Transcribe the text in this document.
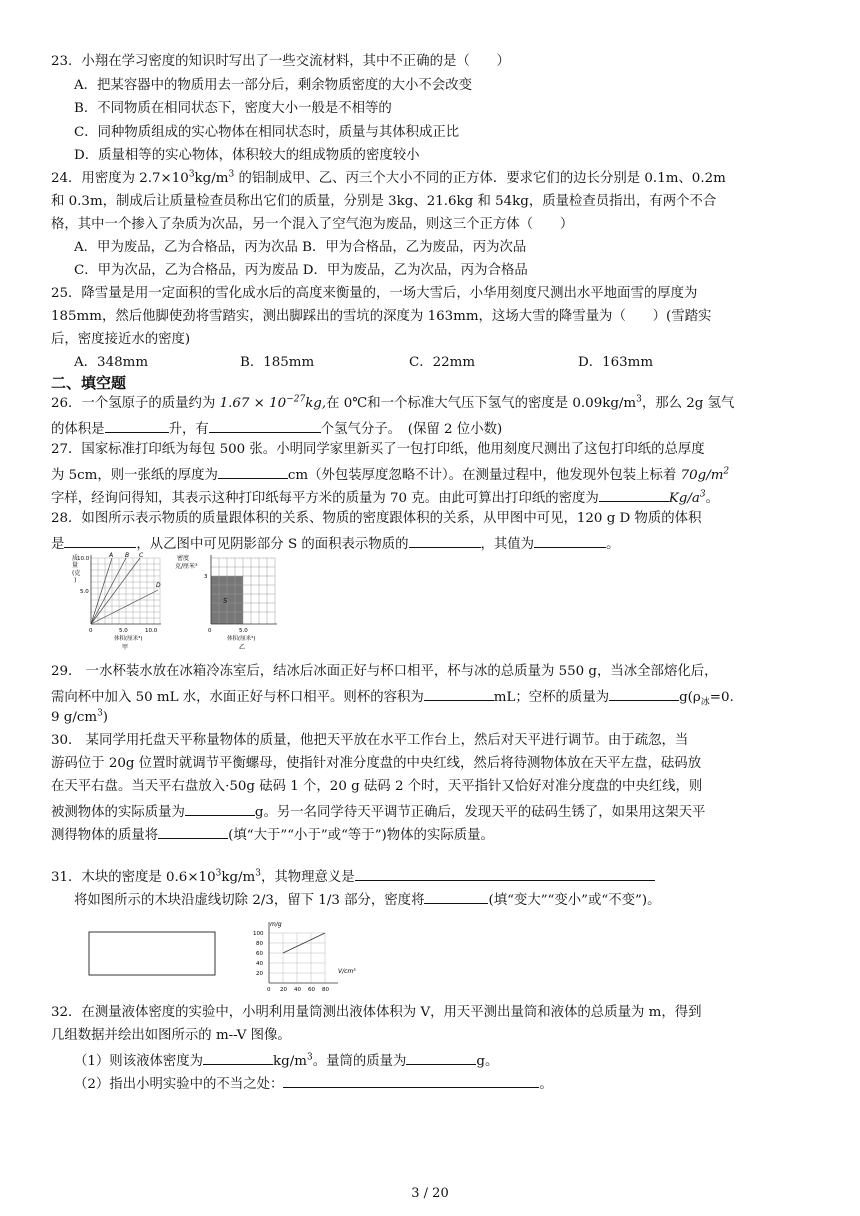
23．小翔在学习密度的知识时写出了一些交流材料，其中不正确的是（　　）
A．把某容器中的物质用去一部分后，剩余物质密度的大小不会改变
B．不同物质在相同状态下，密度大小一般是不相等的
C．同种物质组成的实心物体在相同状态时，质量与其体积成正比
D．质量相等的实心物体，体积较大的组成物质的密度较小
24．用密度为 $2.7\times 10^3kg/m^3$ 的铝制成甲、乙、丙三个大小不同的正方体．要求它们的边长分别是 0.1m、0.2m
和 0.3m，制成后让质量检查员称出它们的质量，分别是 3kg、21.6kg 和 54kg，质量检查员指出，有两个不合
格，其中一个掺入了杂质为次品，另一个混入了空气泡为废品，则这三个正方体（　　）
A．甲为废品，乙为合格品，丙为次品 B．甲为合格品，乙为废品，丙为次品
C．甲为次品，乙为合格品，丙为废品 D．甲为废品，乙为次品，丙为合格品
25．降雪量是用一定面积的雪化成水后的高度来衡量的，一场大雪后，小华用刻度尺测出水平地面雪的厚度为
185mm，然后他脚使劲将雪踏实，测出脚踩出的雪坑的深度为 163mm，这场大雪的降雪量为（　　）(雪踏实
后，密度接近水的密度)
A．348mm	B．185mm	C．22mm	D．163mm
二、填空题
26．一个氢原子的质量约为 $1.67 \times 10^{-27}kg$,在 0℃和一个标准大气压下氢气的密度是 $0.09kg/m^3$，那么 2g 氢气
的体积是	升，有	个氢气分子。　(保留 2 位小数)
27．国家标准打印纸为每包 500 张。小明同学家里新买了一包打印纸，他用刻度尺测出了这包打印纸的总厚度
为 5cm，则一张纸的厚度为	cm（外包装厚度忽略不计）。在测量过程中，他发现外包装上标着 $70g/m^2$
字样，经询问得知，其表示这种打印纸每平方米的质量为 70 克。由此可算出打印纸的密度为	$Kg/a^3$。
28．如图所示表示物质的质量跟体积的关系、物质的密度跟体积的关系，从甲图中可见，120 g D 物质的体积
是	，从乙图中可见阴影部分 S 的面积表示物质的	，其值为	。
质
量
(克
)
10.0
5.0
0	5.0	10.0
A B C
D
体积(厘米³)
甲
密度
克/厘米³
3
S
0	5.0
体积(厘米³)
乙
29． 一水杯装水放在冰箱冷冻室后，结冰后冰面正好与杯口相平，杯与冰的总质量为 550 g，当冰全部熔化后，
需向杯中加入 50 mL 水，水面正好与杯口相平。则杯的容积为	mL；空杯的质量为	$g(\rho_冰=0$.
9 $g/cm^3$)
30． 某同学用托盘天平称量物体的质量，他把天平放在水平工作台上，然后对天平进行调节。由于疏忽，当
游码位于 20g 位置时就调节平衡螺母，使指针对准分度盘的中央红线，然后将待测物体放在天平左盘，砝码放
在天平右盘。当天平右盘放入·50g 砝码 1 个，20 g 砝码 2 个时，天平指针又恰好对准分度盘的中央红线，则
被测物体的实际质量为	g。另一名同学待天平调节正确后，发现天平的砝码生锈了，如果用这架天平
测得物体的质量将	(填“大于”“小于”或“等于”)物体的实际质量。
31．木块的密度是 $0.6\times 10^3kg/m^3$，其物理意义是
将如图所示的木块沿虚线切除 2/3，留下 1/3 部分，密度将	(填“变大”“变小”或“不变”)。
m/g
V/cm³
100
80
60
40
20
0 20 40 60 80
32．在测量液体密度的实验中，小明利用量筒测出液体体积为 V，用天平测出量筒和液体的总质量为 m，得到
几组数据并绘出如图所示的 m--V 图像。
（1）则该液体密度为	$kg/m^3$。量筒的质量为	g。
（2）指出小明实验中的不当之处：	。
3 / 20
